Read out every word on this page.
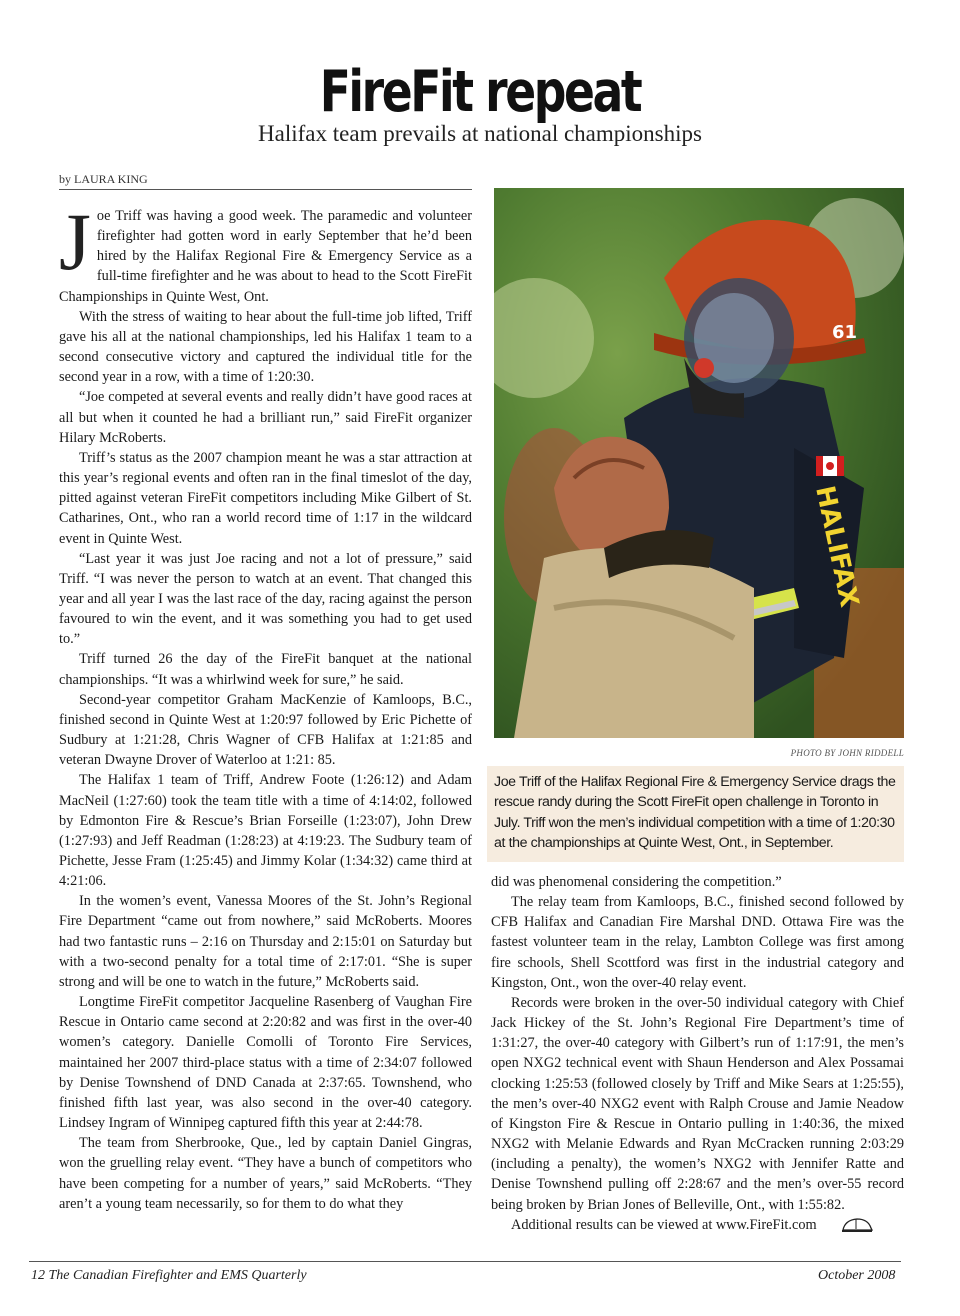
FireFit repeat
Halifax team prevails at national championships
by LAURA KING

Joe Triff was having a good week. The paramedic and volunteer firefighter had gotten word in early September that he’d been hired by the Halifax Regional Fire & Emergency Service as a full-time firefighter and he was about to head to the Scott FireFit Championships in Quinte West, Ont.

With the stress of waiting to hear about the full-time job lifted, Triff gave his all at the national championships, led his Halifax 1 team to a second consecutive victory and captured the individual title for the second year in a row, with a time of 1:20:30.

“Joe competed at several events and really didn’t have good races at all but when it counted he had a brilliant run,” said FireFit organizer Hilary McRoberts.

Triff’s status as the 2007 champion meant he was a star attraction at this year’s regional events and often ran in the final timeslot of the day, pitted against veteran FireFit competitors including Mike Gilbert of St. Catharines, Ont., who ran a world record time of 1:17 in the wildcard event in Quinte West.

“Last year it was just Joe racing and not a lot of pressure,” said Triff. “I was never the person to watch at an event. That changed this year and all year I was the last race of the day, racing against the person favoured to win the event, and it was something you had to get used to.”

Triff turned 26 the day of the FireFit banquet at the national championships. “It was a whirlwind week for sure,” he said.

Second-year competitor Graham MacKenzie of Kamloops, B.C., finished second in Quinte West at 1:20:97 followed by Eric Pichette of Sudbury at 1:21:28, Chris Wagner of CFB Halifax at 1:21:85 and veteran Dwayne Drover of Waterloo at 1:21: 85.

The Halifax 1 team of Triff, Andrew Foote (1:26:12) and Adam MacNeil (1:27:60) took the team title with a time of 4:14:02, followed by Edmonton Fire & Rescue’s Brian Forseille (1:23:07), John Drew (1:27:93) and Jeff Readman (1:28:23) at 4:19:23. The Sudbury team of Pichette, Jesse Fram (1:25:45) and Jimmy Kolar (1:34:32) came third at 4:21:06.

In the women’s event, Vanessa Moores of the St. John’s Regional Fire Department “came out from nowhere,” said McRoberts. Moores had two fantastic runs – 2:16 on Thursday and 2:15:01 on Saturday but with a two-second penalty for a total time of 2:17:01. “She is super strong and will be one to watch in the future,” McRoberts said.

Longtime FireFit competitor Jacqueline Rasenberg of Vaughan Fire Rescue in Ontario came second at 2:20:82 and was first in the over-40 women’s category. Danielle Comolli of Toronto Fire Services, maintained her 2007 third-place status with a time of 2:34:07 followed by Denise Townshend of DND Canada at 2:37:65. Townshend, who finished fifth last year, was also second in the over-40 category. Lindsey Ingram of Winnipeg captured fifth this year at 2:44:78.

The team from Sherbrooke, Que., led by captain Daniel Gingras, won the gruelling relay event. “They have a bunch of competitors who have been competing for a number of years,” said McRoberts. “They aren’t a young team necessarily, so for them to do what they

HALIFAX
61
PHOTO BY JOHN RIDDELL
Joe Triff of the Halifax Regional Fire & Emergency Service drags the rescue randy during the Scott FireFit open challenge in Toronto in July. Triff won the men’s individual competition with a time of 1:20:30 at the championships at Quinte West, Ont., in September.

did was phenomenal considering the competition.”

The relay team from Kamloops, B.C., finished second followed by CFB Halifax and Canadian Fire Marshal DND. Ottawa Fire was the fastest volunteer team in the relay, Lambton College was first among fire schools, Shell Scottford was first in the industrial category and Kingston, Ont., won the over-40 relay event.

Records were broken in the over-50 individual category with Chief Jack Hickey of the St. John’s Regional Fire Department’s time of 1:31:27, the over-40 category with Gilbert’s run of 1:17:91, the men’s open NXG2 technical event with Shaun Henderson and Alex Possamai clocking 1:25:53 (followed closely by Triff and Mike Sears at 1:25:55), the men’s over-40 NXG2 event with Ralph Crouse and Jamie Neadow of Kingston Fire & Rescue in Ontario pulling in 1:40:36, the mixed NXG2 with Melanie Edwards and Ryan McCracken running 2:03:29 (including a penalty), the women’s NXG2 with Jennifer Ratte and Denise Townshend pulling off 2:28:67 and the men’s over-55 record being broken by Brian Jones of Belleville, Ont., with 1:55:82.

Additional results can be viewed at www.FireFit.com

12 The Canadian Firefighter and EMS Quarterly	October 2008
